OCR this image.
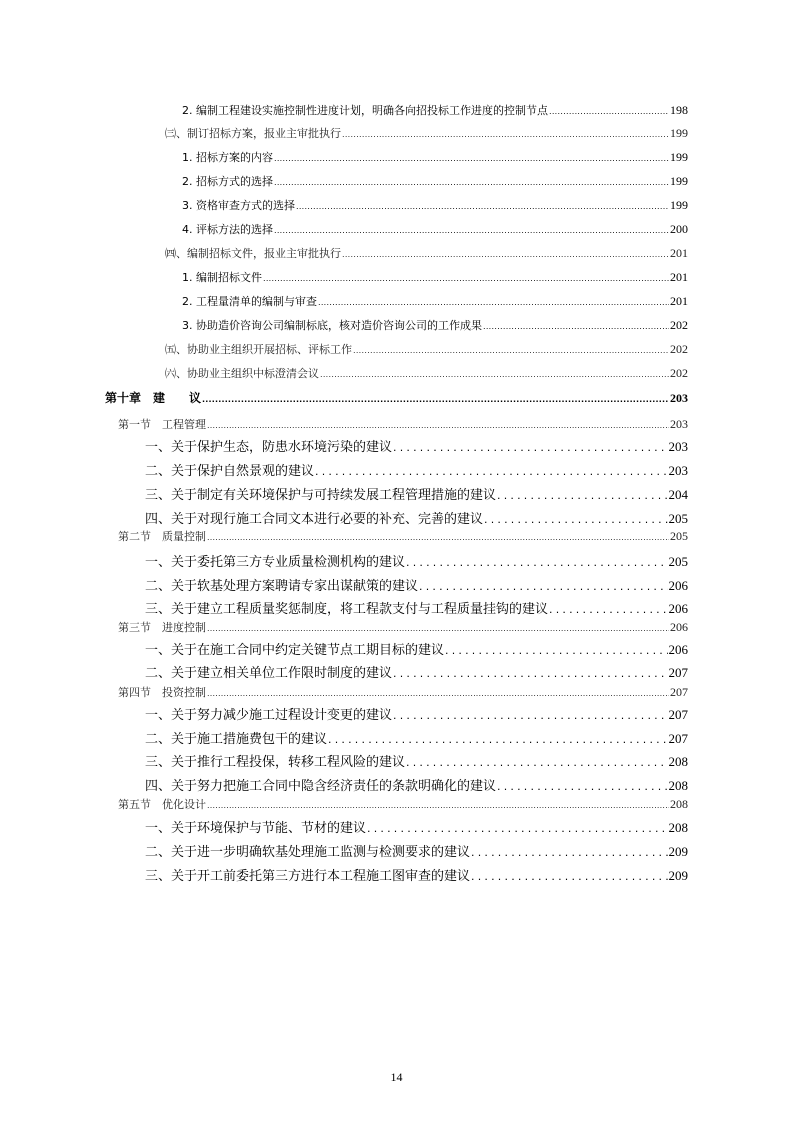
2. 编制工程建设实施控制性进度计划，明确各向招投标工作进度的控制节点 .....	198
㈢、制订招标方案，报业主审批执行 .....	199
1. 招标方案的内容 .....	199
2. 招标方式的选择 .....	199
3. 资格审查方式的选择 .....	199
4. 评标方法的选择 .....	200
㈣、编制招标文件，报业主审批执行 .....	201
1. 编制招标文件 .....	201
2. 工程量清单的编制与审查 .....	201
3. 协助造价咨询公司编制标底，核对造价咨询公司的工作成果 .....	202
㈤、协助业主组织开展招标、评标工作 .....	202
㈥、协助业主组织中标澄清会议 .....	202
第十章　建　　议 .....	203
第一节　工程管理 .....	203
一、关于保护生态，防患水环境污染的建议 .....	203
二、关于保护自然景观的建议 .....	203
三、关于制定有关环境保护与可持续发展工程管理措施的建议 .....	204
四、关于对现行施工合同文本进行必要的补充、完善的建议 .....	205
第二节　质量控制 .....	205
一、关于委托第三方专业质量检测机构的建议 .....	205
二、关于软基处理方案聘请专家出谋献策的建议 .....	206
三、关于建立工程质量奖惩制度，将工程款支付与工程质量挂钩的建议 .....	206
第三节　进度控制 .....	206
一、关于在施工合同中约定关键节点工期目标的建议 .....	206
二、关于建立相关单位工作限时制度的建议 .....	207
第四节　投资控制 .....	207
一、关于努力减少施工过程设计变更的建议 .....	207
二、关于施工措施费包干的建议 .....	207
三、关于推行工程投保，转移工程风险的建议 .....	208
四、关于努力把施工合同中隐含经济责任的条款明确化的建议 .....	208
第五节　优化设计 .....	208
一、关于环境保护与节能、节材的建议 .....	208
二、关于进一步明确软基处理施工监测与检测要求的建议 .....	209
三、关于开工前委托第三方进行本工程施工图审查的建议 .....	209
14
